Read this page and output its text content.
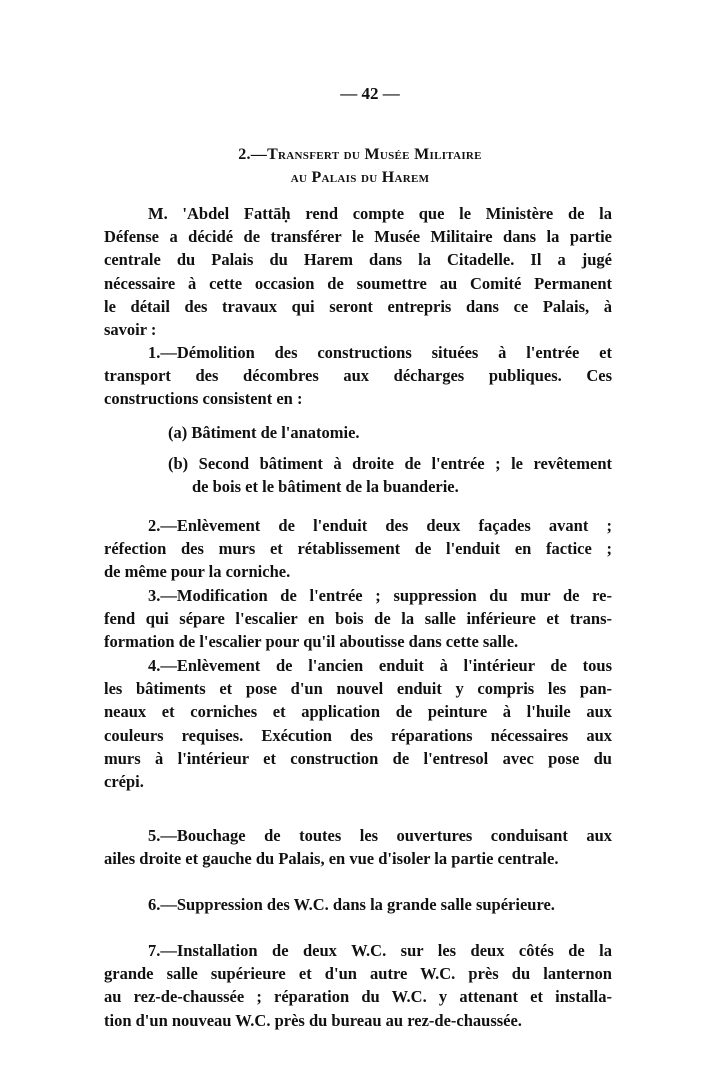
— 42 —
2.—Transfert du Musée Militaire
au Palais du Harem
M. 'Abdel Fattāḥ rend compte que le Ministère de la
Défense a décidé de transférer le Musée Militaire dans la partie
centrale du Palais du Harem dans la Citadelle. Il a jugé
nécessaire à cette occasion de soumettre au Comité Permanent
le détail des travaux qui seront entrepris dans ce Palais, à
savoir :
1.—Démolition des constructions situées à l'entrée et
transport des décombres aux décharges publiques. Ces
constructions consistent en :
(a) Bâtiment de l'anatomie.
(b) Second bâtiment à droite de l'entrée ; le revêtement
de bois et le bâtiment de la buanderie.
2.—Enlèvement de l'enduit des deux façades avant ;
réfection des murs et rétablissement de l'enduit en factice ;
de même pour la corniche.
3.—Modification de l'entrée ; suppression du mur de re-
fend qui sépare l'escalier en bois de la salle inférieure et trans-
formation de l'escalier pour qu'il aboutisse dans cette salle.
4.—Enlèvement de l'ancien enduit à l'intérieur de tous
les bâtiments et pose d'un nouvel enduit y compris les pan-
neaux et corniches et application de peinture à l'huile aux
couleurs requises. Exécution des réparations nécessaires aux
murs à l'intérieur et construction de l'entresol avec pose du
crépi.
5.—Bouchage de toutes les ouvertures conduisant aux
ailes droite et gauche du Palais, en vue d'isoler la partie centrale.
6.—Suppression des W.C. dans la grande salle supérieure.
7.—Installation de deux W.C. sur les deux côtés de la
grande salle supérieure et d'un autre W.C. près du lanternon
au rez-de-chaussée ; réparation du W.C. y attenant et installa-
tion d'un nouveau W.C. près du bureau au rez-de-chaussée.
